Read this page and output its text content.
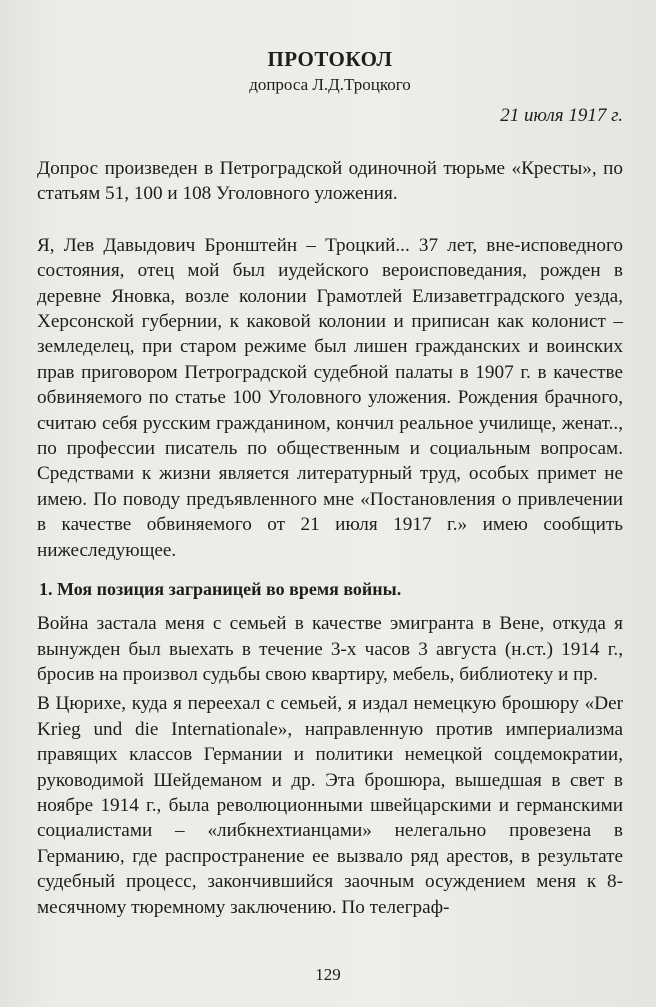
ПРОТОКОЛ
допроса Л.Д.Троцкого
21 июля 1917 г.

Допрос произведен в Петроградской одиночной тюрьме «Кресты», по статьям 51, 100 и 108 Уголовного уложения.

Я, Лев Давыдович Бронштейн – Троцкий... 37 лет, вне-исповедного состояния, отец мой был иудейского вероисповедания, рожден в деревне Яновка, возле колонии Грамотлей Елизаветградского уезда, Херсонской губернии, к каковой колонии и приписан как колонист – земледелец, при старом режиме был лишен гражданских и воинских прав приговором Петроградской судебной палаты в 1907 г. в качестве обвиняемого по статье 100 Уголовного уложения. Рождения брачного, считаю себя русским гражданином, кончил реальное училище, женат.., по профессии писатель по общественным и социальным вопросам. Средствами к жизни является литературный труд, особых примет не имею. По поводу предъявленного мне «Постановления о привлечении в качестве обвиняемого от 21 июля 1917 г.» имею сообщить нижеследующее.

1. Моя позиция заграницей во время войны.

Война застала меня с семьей в качестве эмигранта в Вене, откуда я вынужден был выехать в течение 3-х часов 3 августа (н.ст.) 1914 г., бросив на произвол судьбы свою квартиру, мебель, библиотеку и пр.

В Цюрихе, куда я переехал с семьей, я издал немецкую брошюру «Der Krieg und die Internationale», направленную против империализма правящих классов Германии и политики немецкой соцдемократии, руководимой Шейдеманом и др. Эта брошюра, вышедшая в свет в ноябре 1914 г., была революционными швейцарскими и германскими социалистами – «либкнехтианцами» нелегально провезена в Германию, где распространение ее вызвало ряд арестов, в результате судебный процесс, закончившийся заочным осуждением меня к 8-месячному тюремному заключению. По телеграф-

129
